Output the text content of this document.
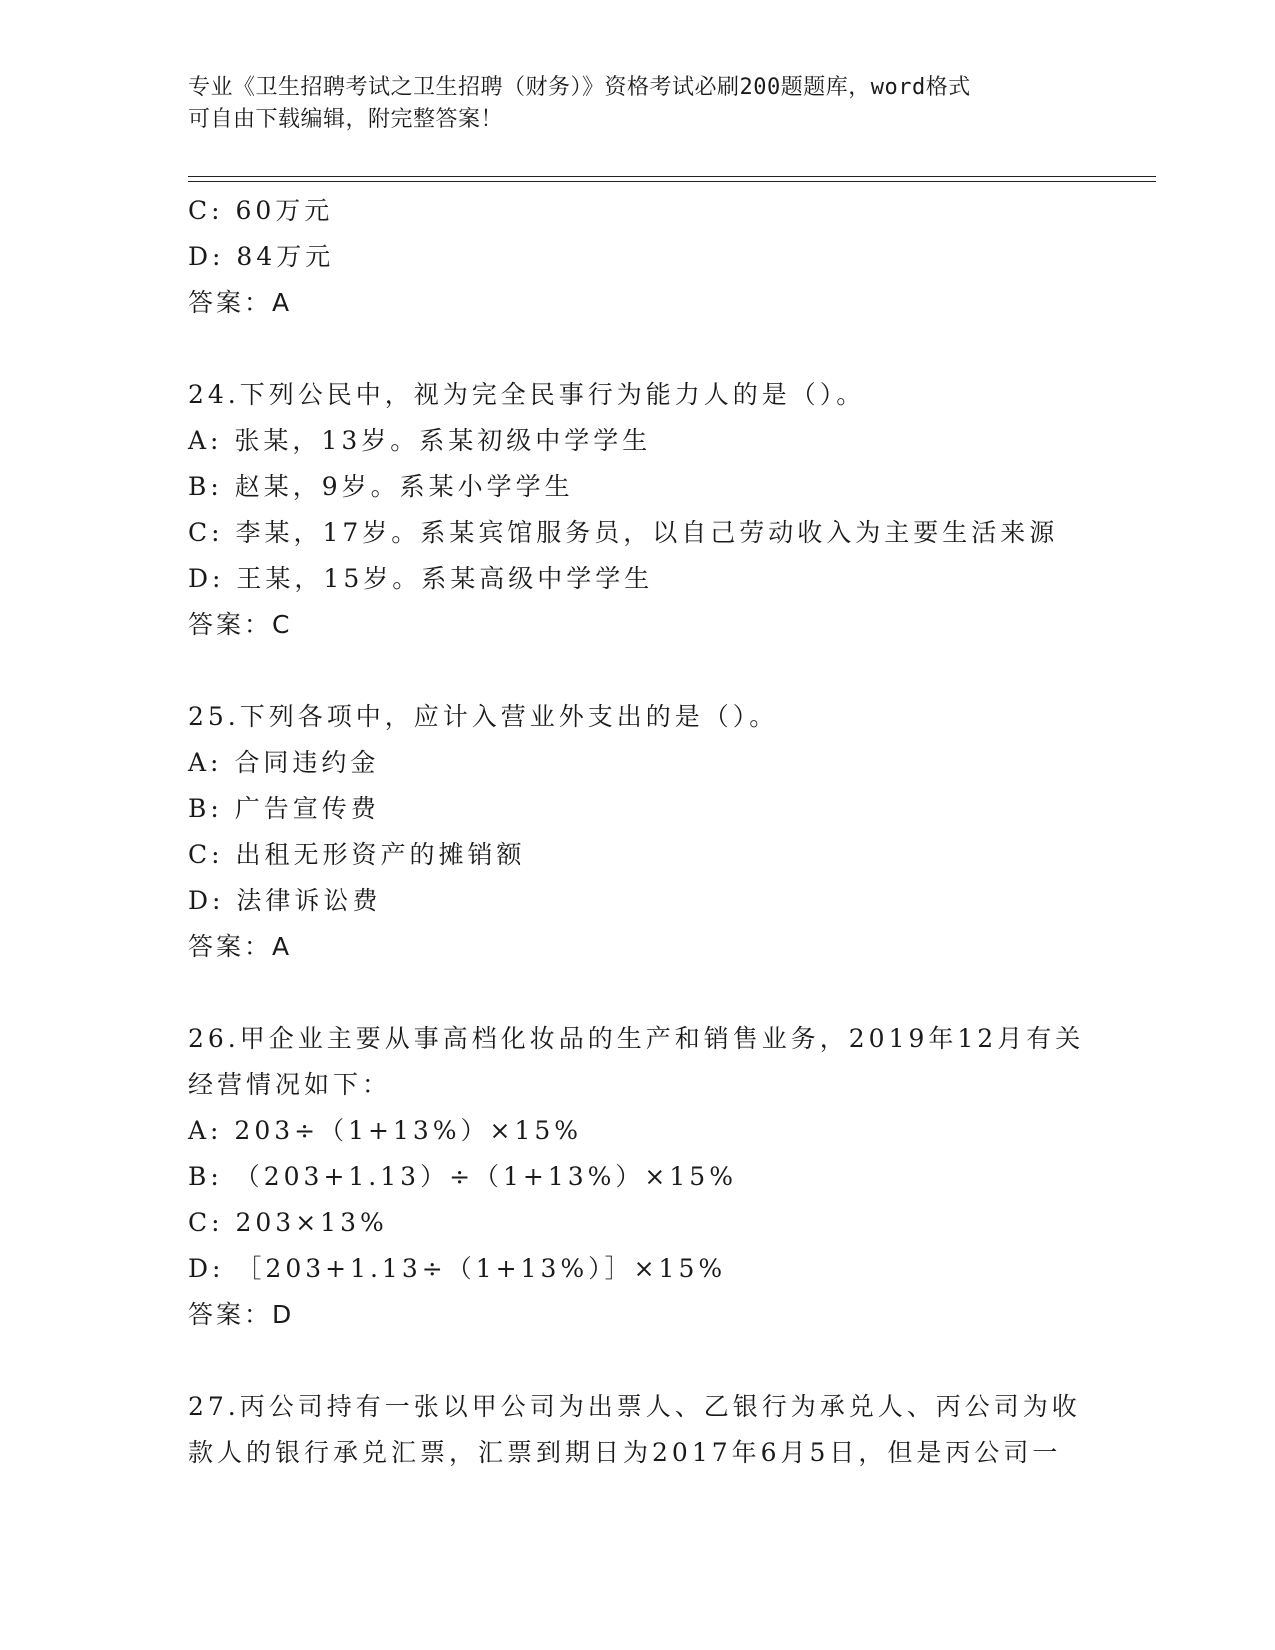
专业《卫生招聘考试之卫生招聘（财务）》资格考试必刷200题题库，word格式
可自由下载编辑，附完整答案！
C: 60万元
D: 84万元
答案：A
24.下列公民中，视为完全民事行为能力人的是（）。
A: 张某，13岁。系某初级中学学生
B: 赵某，9岁。系某小学学生
C: 李某，17岁。系某宾馆服务员，以自己劳动收入为主要生活来源
D: 王某，15岁。系某高级中学学生
答案：C
25.下列各项中，应计入营业外支出的是（）。
A: 合同违约金
B: 广告宣传费
C: 出租无形资产的摊销额
D: 法律诉讼费
答案：A
26.甲企业主要从事高档化妆品的生产和销售业务，2019年12月有关
经营情况如下：
A: 203÷（1+13%）×15%
B: （203+1.13）÷（1+13%）×15%
C: 203×13%
D: ［203+1.13÷（1+13%）］×15%
答案：D
27.丙公司持有一张以甲公司为出票人、乙银行为承兑人、丙公司为收
款人的银行承兑汇票，汇票到期日为2017年6月5日，但是丙公司一
